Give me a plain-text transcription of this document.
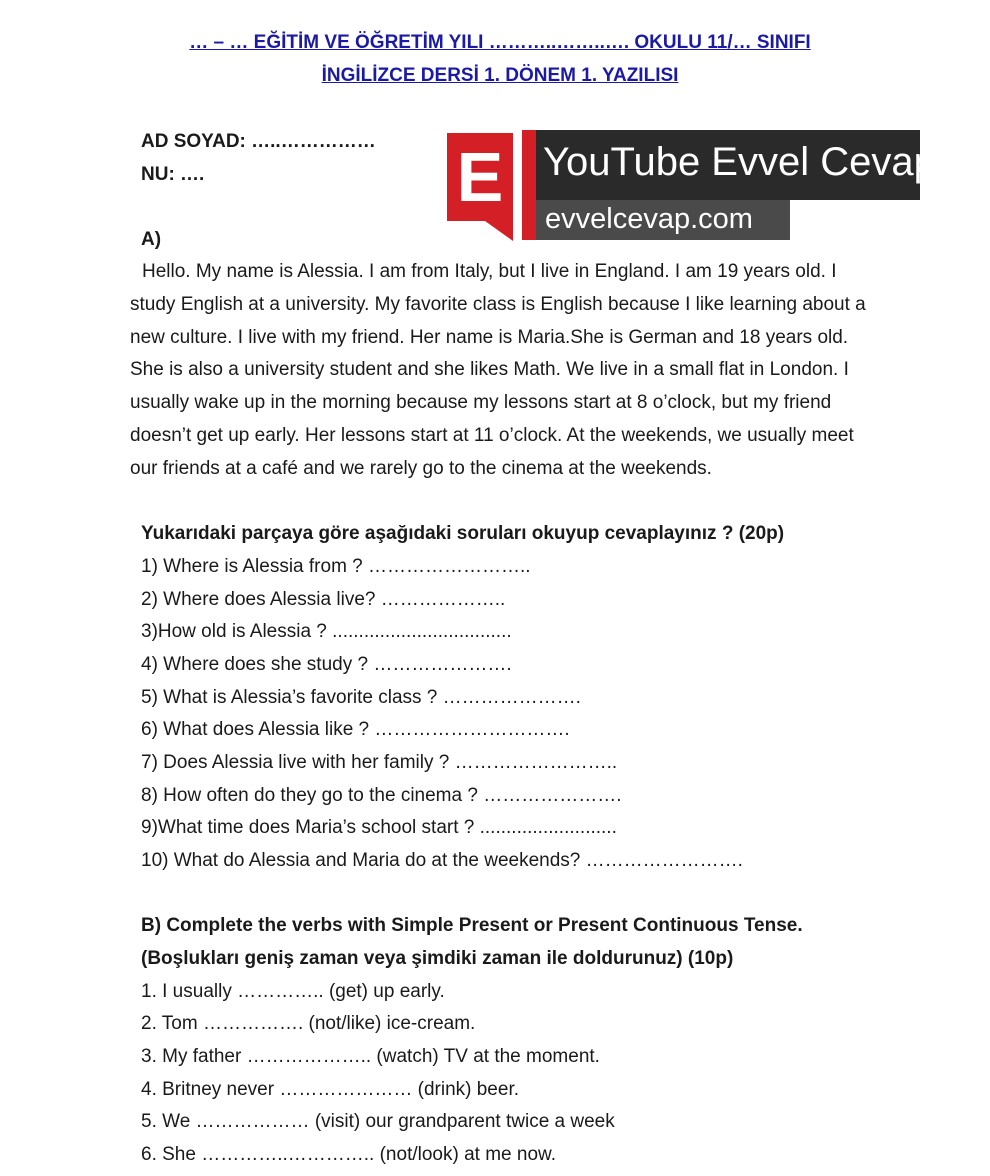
… – … EĞİTİM VE ÖĞRETİM YILI ………..……..…. OKULU 11/… SINIFI
İNGİLİZCE DERSİ 1. DÖNEM 1. YAZILISI
AD SOYAD: …..……………
NU: ….	E YouTube Evvel Cevap
evvelcevap.com
A)

Hello. My name is Alessia. I am from Italy, but I live in England. I am 19 years old. I study English at a university. My favorite class is English because I like learning about a new culture. I live with my friend. Her name is Maria.She is German and 18 years old. She is also a university student and she likes Math. We live in a small flat in London. I usually wake up in the morning because my lessons start at 8 o’clock, but my friend doesn’t get up early. Her lessons start at 11 o’clock. At the weekends, we usually meet our friends at a café and we rarely go to the cinema at the weekends.

Yukarıdaki parçaya göre aşağıdaki soruları okuyup cevaplayınız ? (20p)
1) Where is Alessia from ? ……………………..
2) Where does Alessia live? ………………..
3)How old is Alessia ? ..................................
4) Where does she study ? ………………….
5) What is Alessia’s favorite class ? ………………….
6) What does Alessia like ? ………………………….
7) Does Alessia live with her family ? ……………………..
8) How often do they go to the cinema ? ………………….
9)What time does Maria’s school start ? ..........................
10) What do Alessia and Maria do at the weekends? …………………….
B) Complete the verbs with Simple Present or Present Continuous Tense.
(Boşlukları geniş zaman veya şimdiki zaman ile doldurunuz) (10p)
1. I usually ………….. (get) up early.
2. Tom ……………. (not/like) ice-cream.
3. My father ……………….. (watch) TV at the moment.
4. Britney never ………………… (drink) beer.
5. We ……………… (visit) our grandparent twice a week
6. She …………..………….. (not/look) at me now.
